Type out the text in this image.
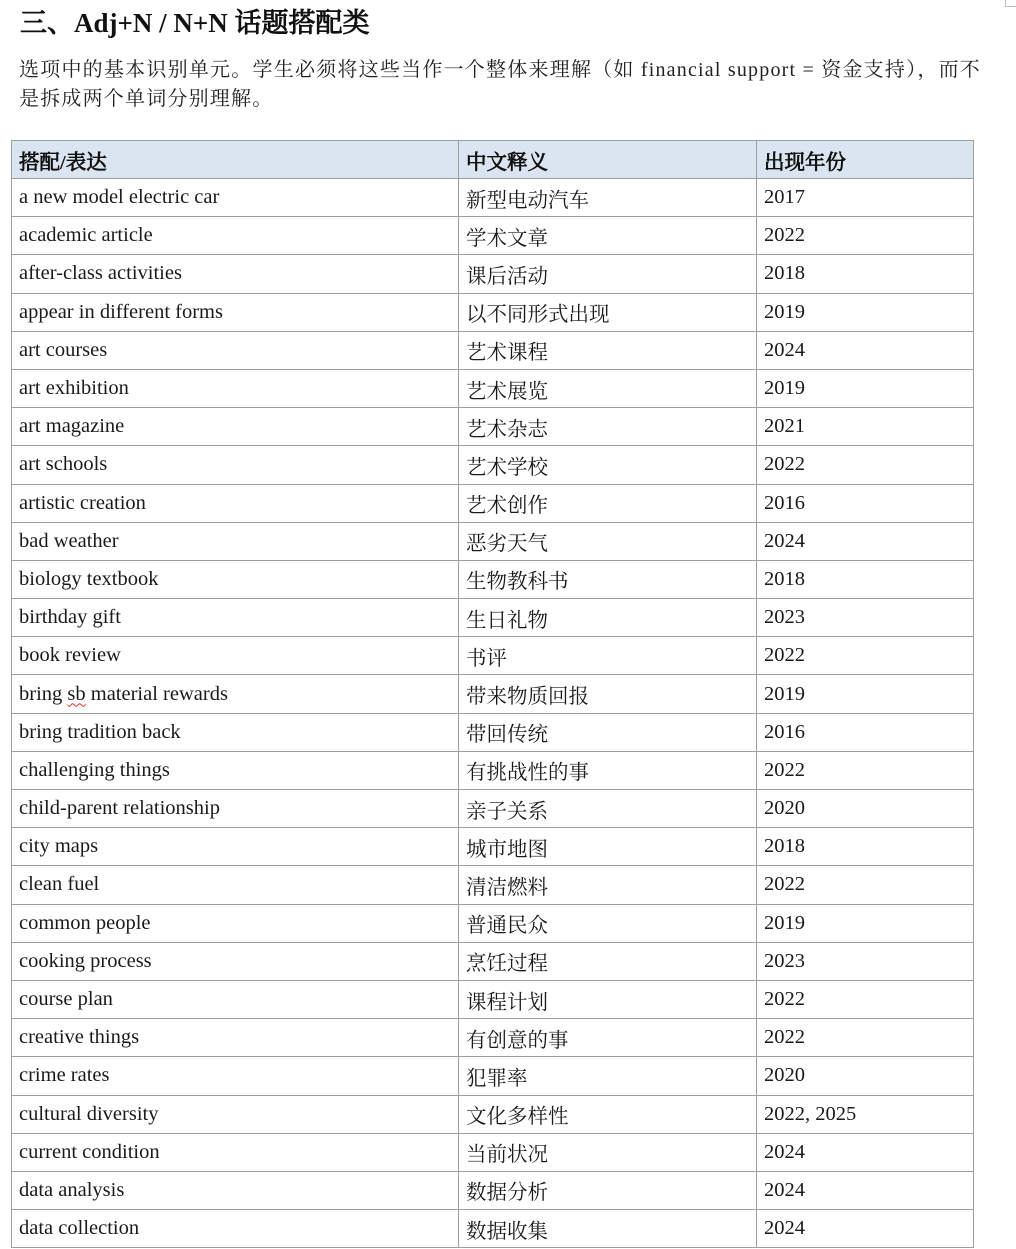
三、Adj+N / N+N 话题搭配类

选项中的基本识别单元。学生必须将这些当作一个整体来理解（如 financial support = 资金支持），而不是拆成两个单词分别理解。

搭配/表达	中文释义	出现年份
a new model electric car	新型电动汽车	2017
academic article	学术文章	2022
after-class activities	课后活动	2018
appear in different forms	以不同形式出现	2019
art courses	艺术课程	2024
art exhibition	艺术展览	2019
art magazine	艺术杂志	2021
art schools	艺术学校	2022
artistic creation	艺术创作	2016
bad weather	恶劣天气	2024
biology textbook	生物教科书	2018
birthday gift	生日礼物	2023
book review	书评	2022
bring sb material rewards	带来物质回报	2019
bring tradition back	带回传统	2016
challenging things	有挑战性的事	2022
child-parent relationship	亲子关系	2020
city maps	城市地图	2018
clean fuel	清洁燃料	2022
common people	普通民众	2019
cooking process	烹饪过程	2023
course plan	课程计划	2022
creative things	有创意的事	2022
crime rates	犯罪率	2020
cultural diversity	文化多样性	2022, 2025
current condition	当前状况	2024
data analysis	数据分析	2024
data collection	数据收集	2024
